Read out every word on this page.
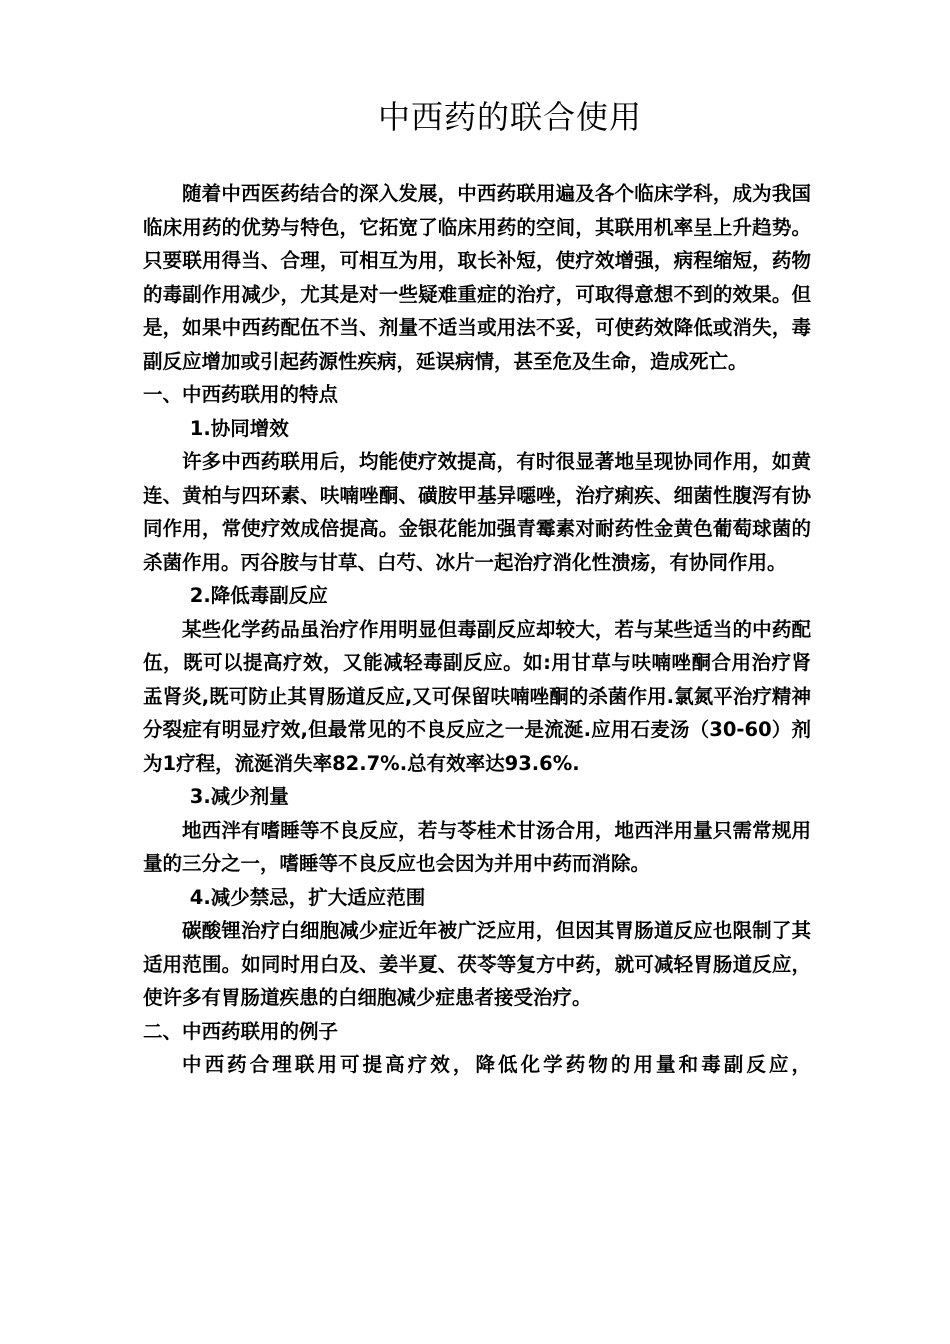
中西药的联合使用

随着中西医药结合的深入发展，中西药联用遍及各个临床学科，成为我国临床用药的优势与特色，它拓宽了临床用药的空间，其联用机率呈上升趋势。只要联用得当、合理，可相互为用，取长补短，使疗效增强，病程缩短，药物的毒副作用减少，尤其是对一些疑难重症的治疗，可取得意想不到的效果。但是，如果中西药配伍不当、剂量不适当或用法不妥，可使药效降低或消失，毒副反应增加或引起药源性疾病，延误病情，甚至危及生命，造成死亡。

一、中西药联用的特点

1.协同增效

许多中西药联用后，均能使疗效提高，有时很显著地呈现协同作用，如黄连、黄柏与四环素、呋喃唑酮、磺胺甲基异噁唑，治疗痢疾、细菌性腹泻有协同作用，常使疗效成倍提高。金银花能加强青霉素对耐药性金黄色葡萄球菌的杀菌作用。丙谷胺与甘草、白芍、冰片一起治疗消化性溃疡，有协同作用。

2.降低毒副反应

某些化学药品虽治疗作用明显但毒副反应却较大，若与某些适当的中药配伍，既可以提高疗效，又能减轻毒副反应。如:用甘草与呋喃唑酮合用治疗肾盂肾炎,既可防止其胃肠道反应,又可保留呋喃唑酮的杀菌作用.氯氮平治疗精神分裂症有明显疗效,但最常见的不良反应之一是流涎.应用石麦汤（30-60）剂为1疗程，流涎消失率82.7%.总有效率达93.6%.

3.减少剂量

地西泮有嗜睡等不良反应，若与苓桂术甘汤合用，地西泮用量只需常规用量的三分之一，嗜睡等不良反应也会因为并用中药而消除。

4.减少禁忌，扩大适应范围

碳酸锂治疗白细胞减少症近年被广泛应用，但因其胃肠道反应也限制了其适用范围。如同时用白及、姜半夏、茯苓等复方中药，就可减轻胃肠道反应，使许多有胃肠道疾患的白细胞减少症患者接受治疗。

二、中西药联用的例子

中西药合理联用可提高疗效，降低化学药物的用量和毒副反应，
